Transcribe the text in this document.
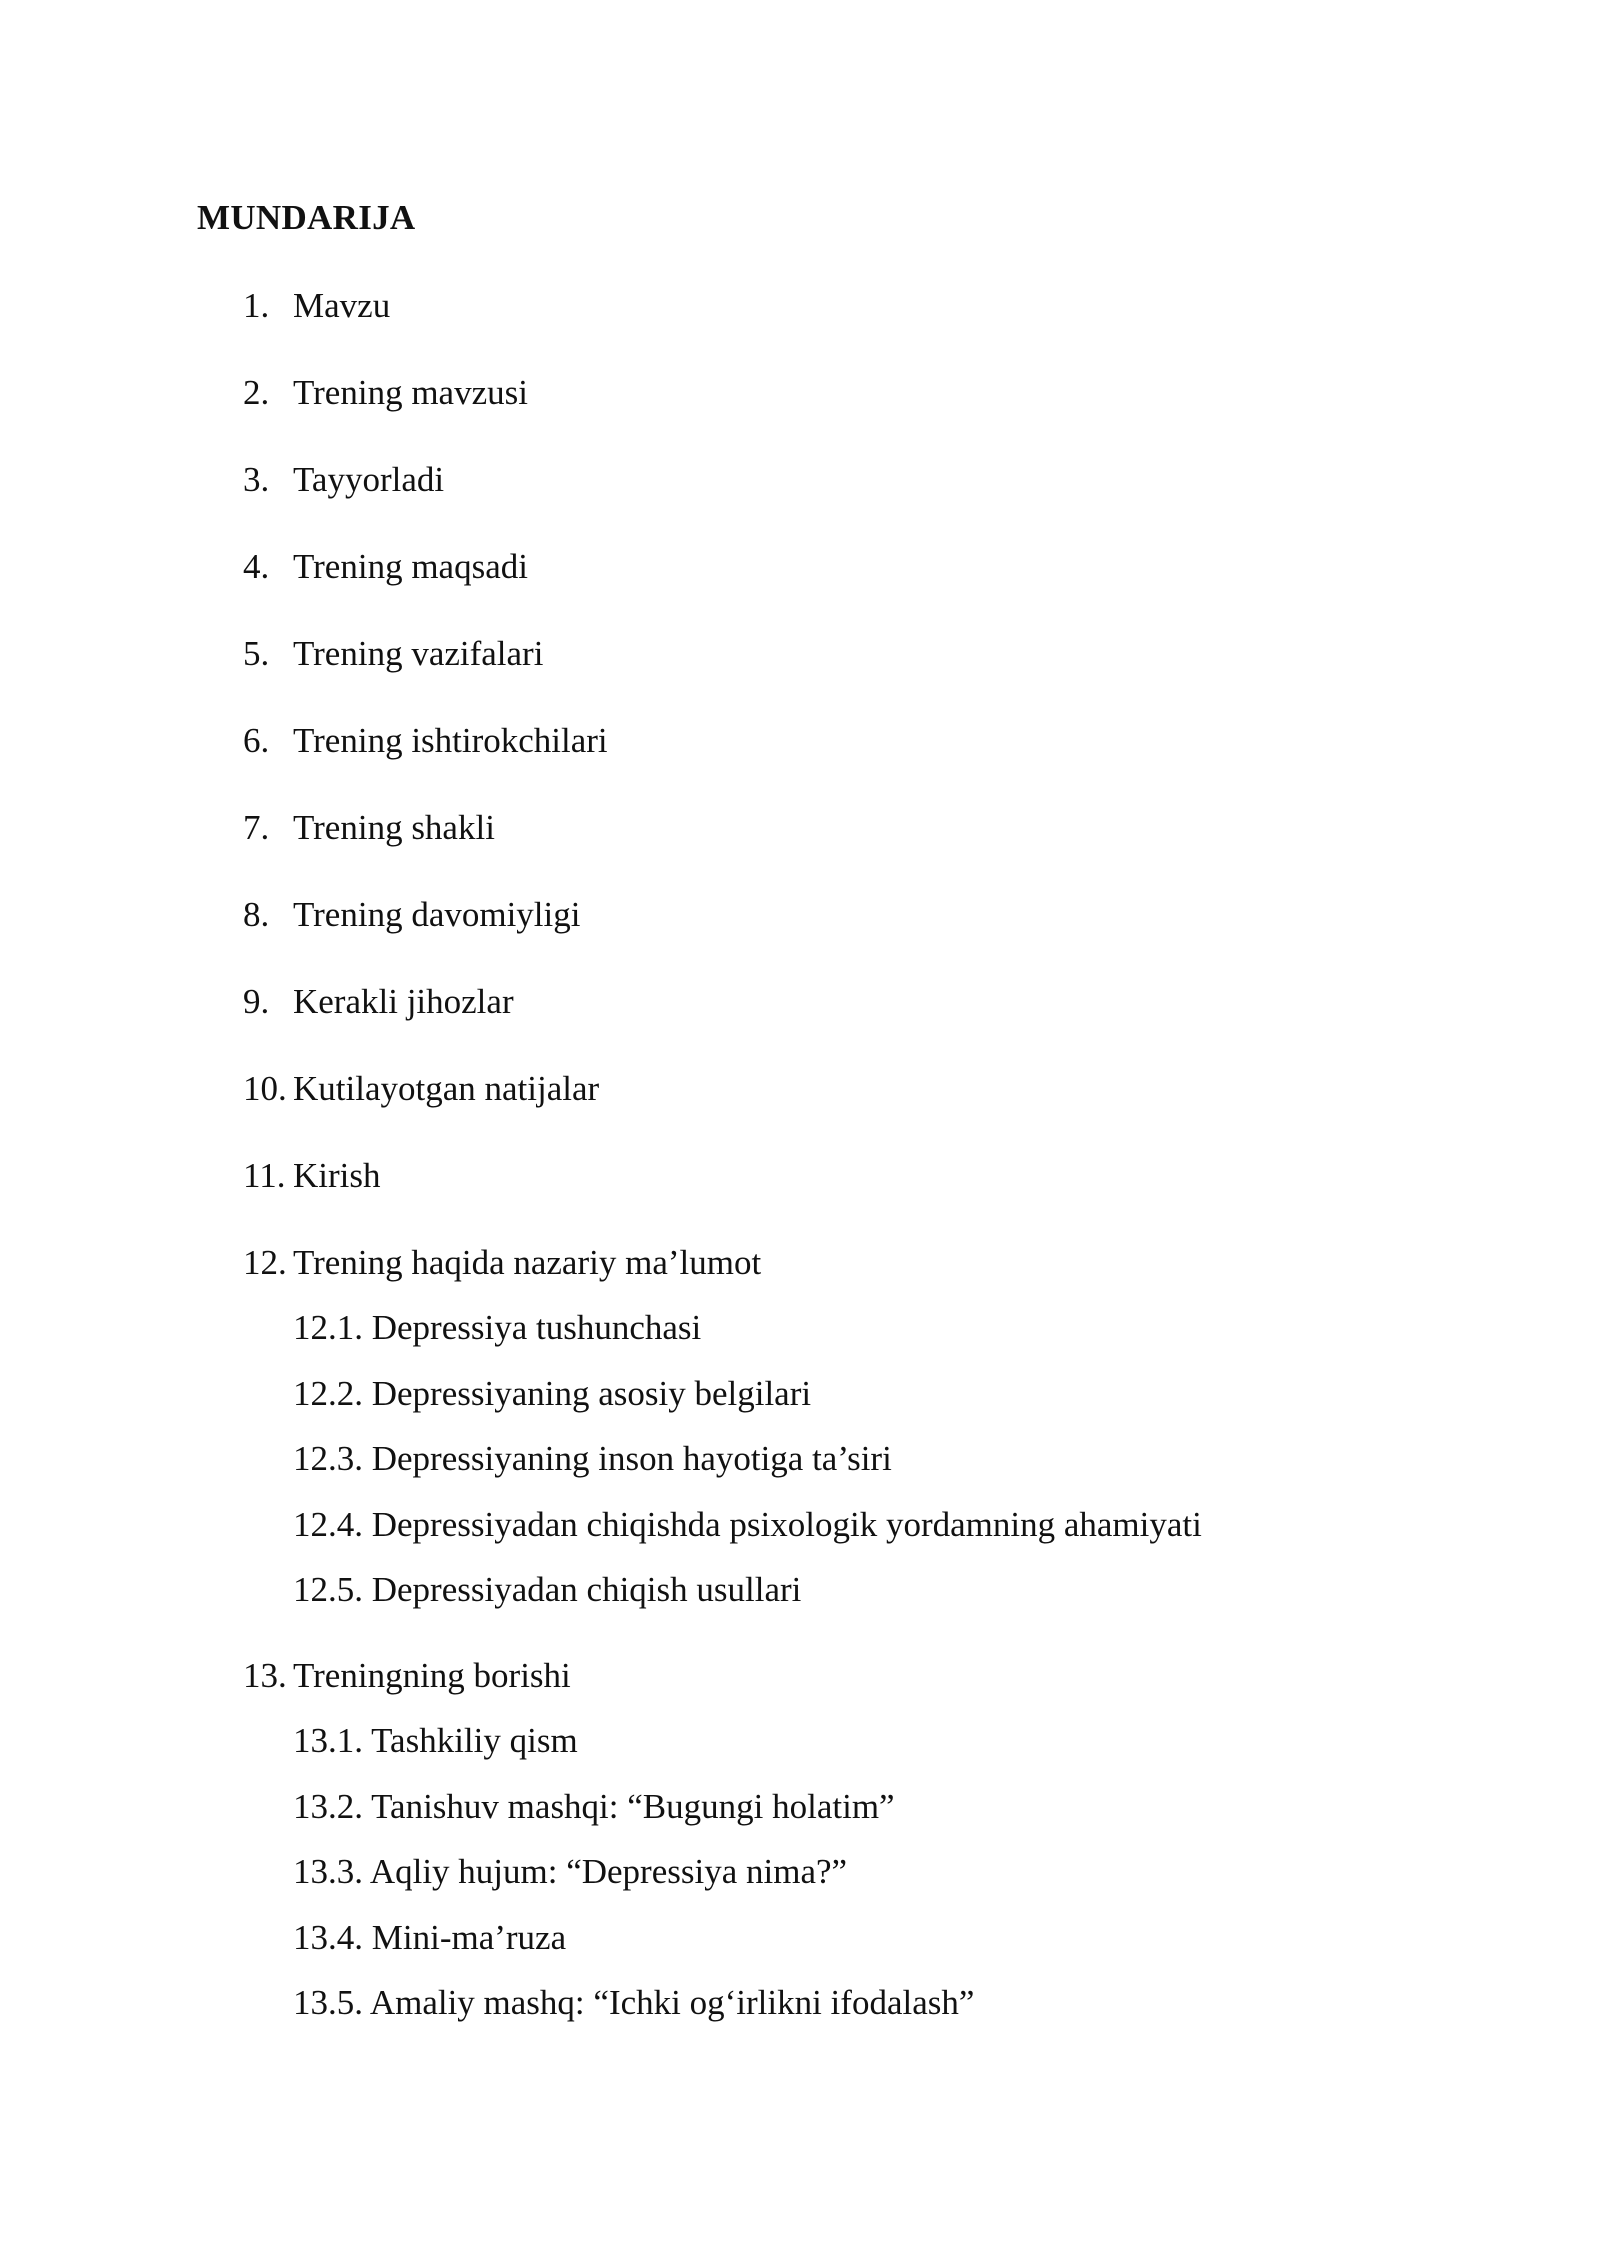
MUNDARIJA
1. Mavzu
2. Trening mavzusi
3. Tayyorladi
4. Trening maqsadi
5. Trening vazifalari
6. Trening ishtirokchilari
7. Trening shakli
8. Trening davomiyligi
9. Kerakli jihozlar
10. Kutilayotgan natijalar
11. Kirish
12. Trening haqida nazariy ma’lumot
12.1. Depressiya tushunchasi
12.2. Depressiyaning asosiy belgilari
12.3. Depressiyaning inson hayotiga ta’siri
12.4. Depressiyadan chiqishda psixologik yordamning ahamiyati
12.5. Depressiyadan chiqish usullari
13. Treningning borishi
13.1. Tashkiliy qism
13.2. Tanishuv mashqi: “Bugungi holatim”
13.3. Aqliy hujum: “Depressiya nima?”
13.4. Mini-ma’ruza
13.5. Amaliy mashq: “Ichki og‘irlikni ifodalash”
